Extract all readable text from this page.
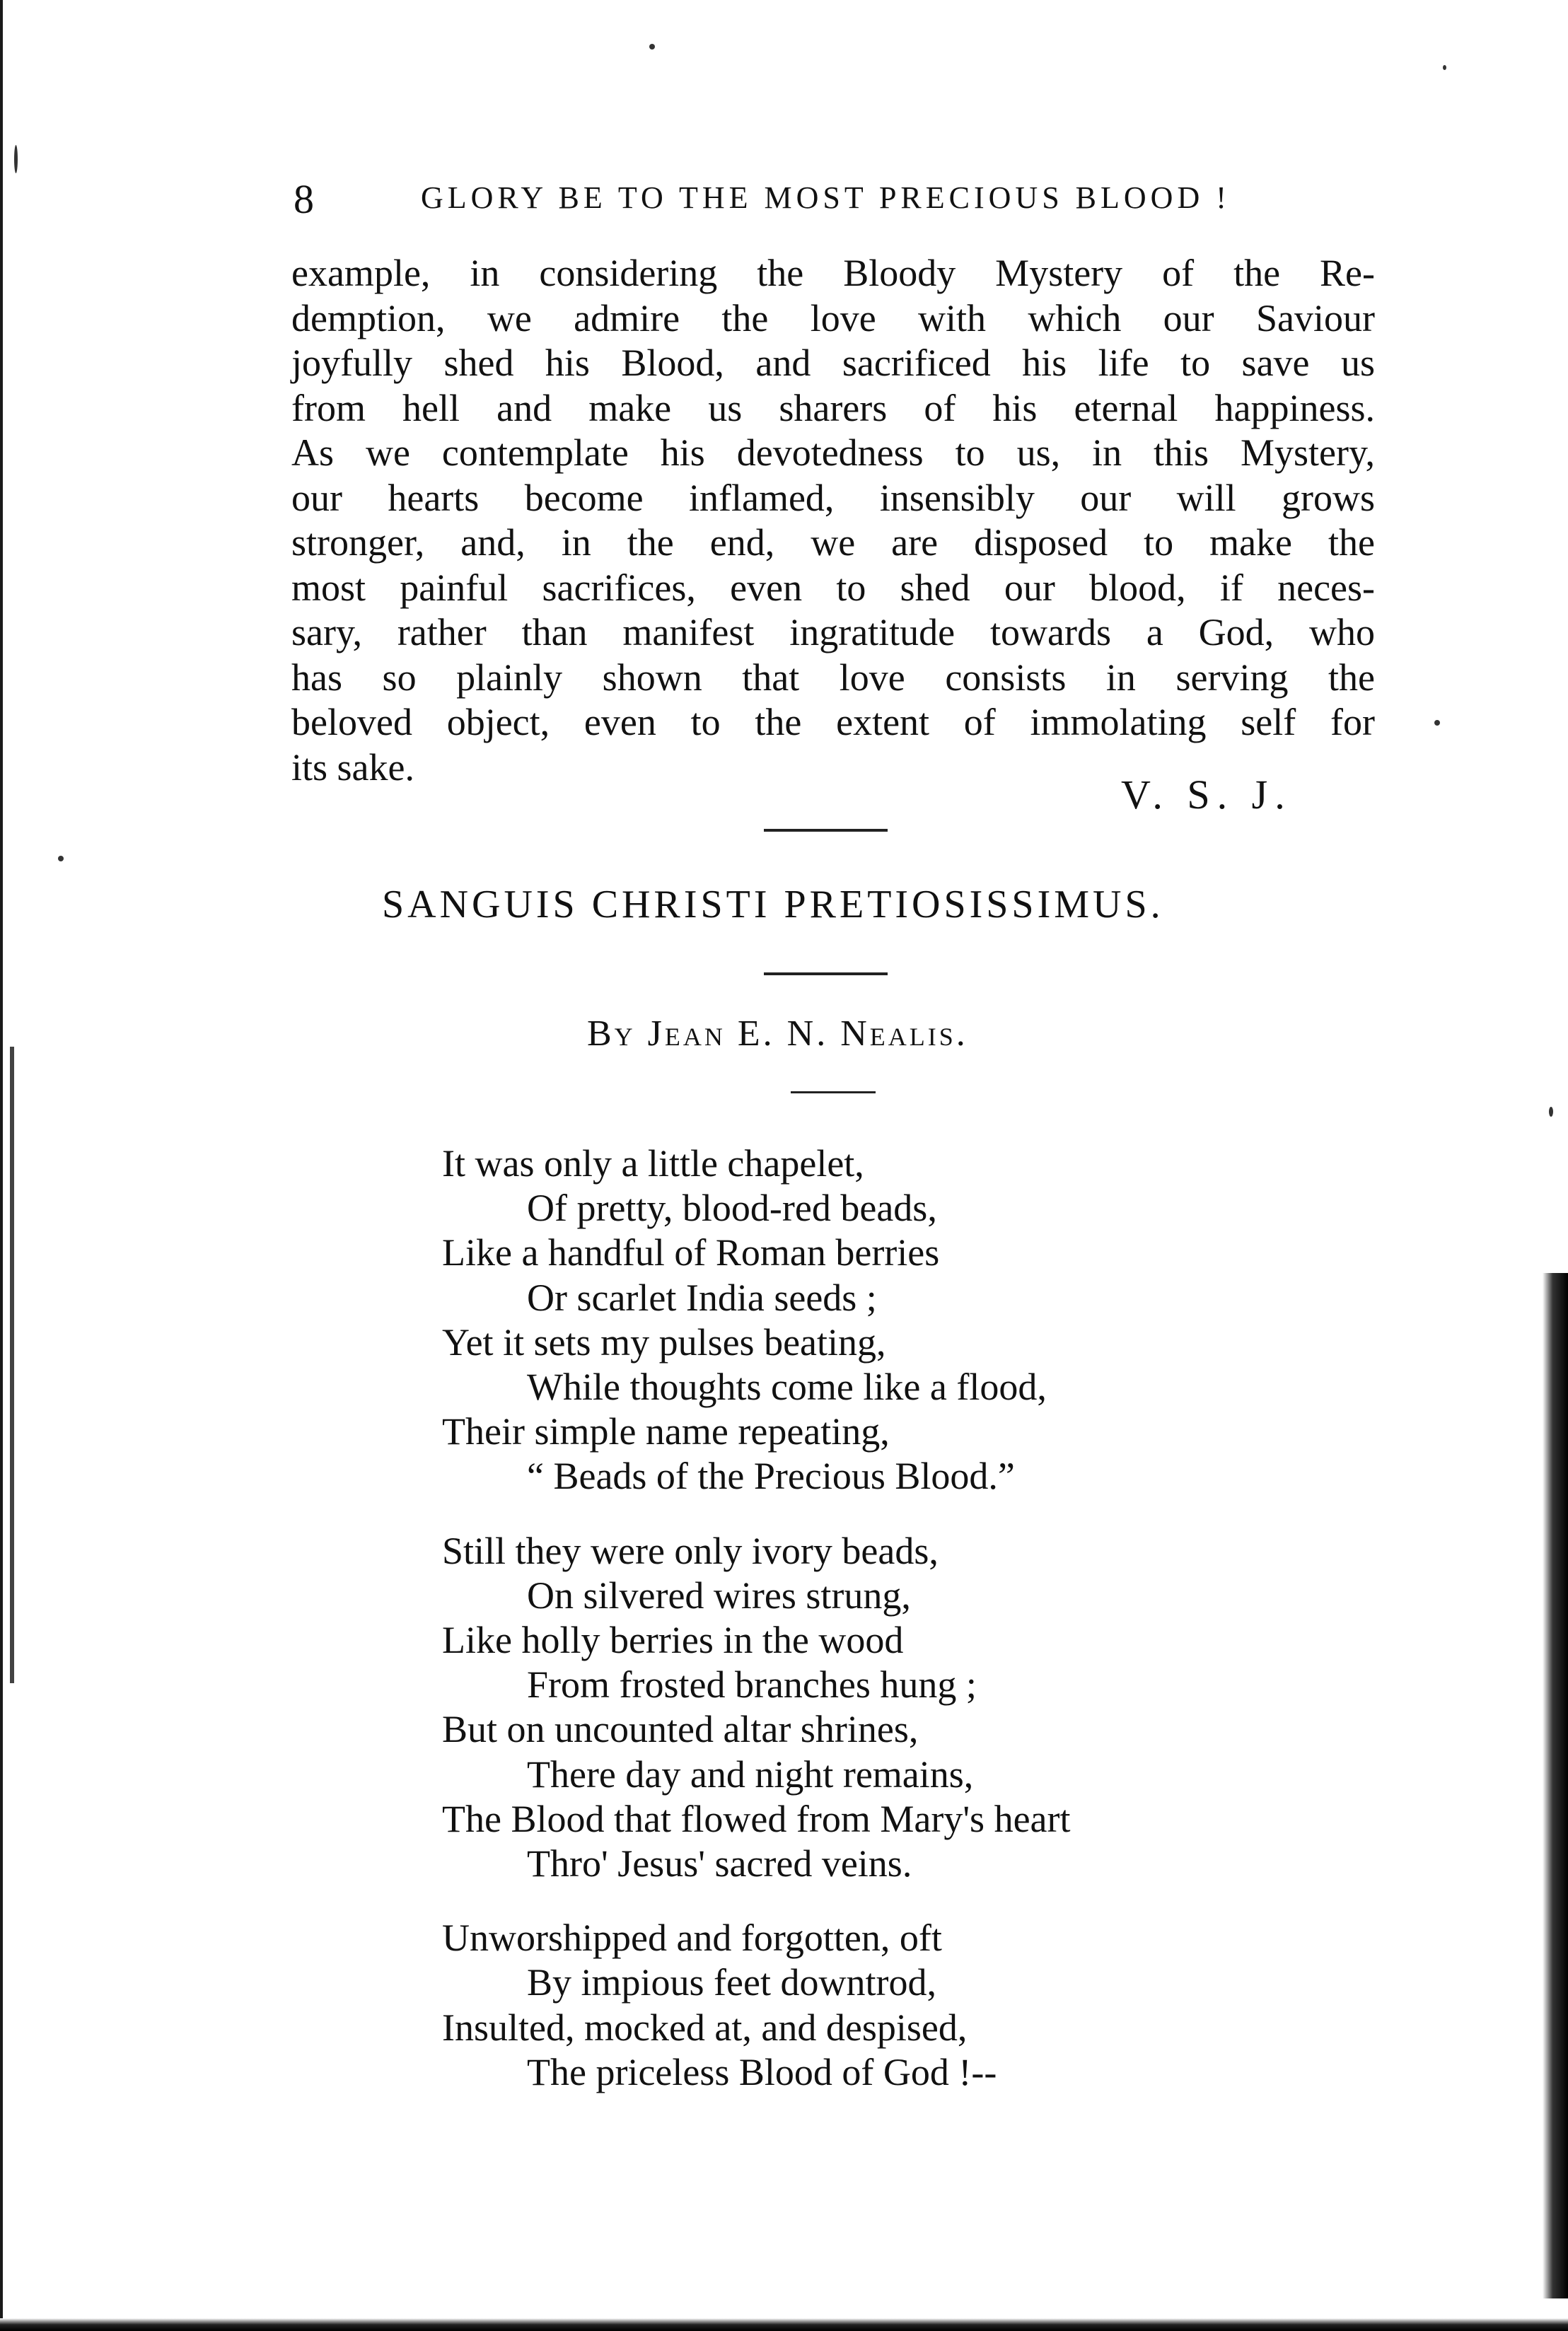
8	GLORY BE TO THE MOST PRECIOUS BLOOD !
example, in considering the Bloody Mystery of the Re-
demption, we admire the love with which our Saviour
joyfully shed his Blood, and sacrificed his life to save us
from hell and make us sharers of his eternal happiness.
As we contemplate his devotedness to us, in this Mystery,
our hearts become inflamed, insensibly our will grows
stronger, and, in the end, we are disposed to make the
most painful sacrifices, even to shed our blood, if neces-
sary, rather than manifest ingratitude towards a God, who
has so plainly shown that love consists in serving the
beloved object, even to the extent of immolating self for
its sake.
V. S. J.
SANGUIS CHRISTI PRETIOSISSIMUS.
By Jean E. N. Nealis.
It was only a little chapelet,
Of pretty, blood-red beads,
Like a handful of Roman berries
Or scarlet India seeds ;
Yet it sets my pulses beating,
While thoughts come like a flood,
Their simple name repeating,
“ Beads of the Precious Blood.”
Still they were only ivory beads,
On silvered wires strung,
Like holly berries in the wood
From frosted branches hung ;
But on uncounted altar shrines,
There day and night remains,
The Blood that flowed from Mary's heart
Thro' Jesus' sacred veins.
Unworshipped and forgotten, oft
By impious feet downtrod,
Insulted, mocked at, and despised,
The priceless Blood of God !--
